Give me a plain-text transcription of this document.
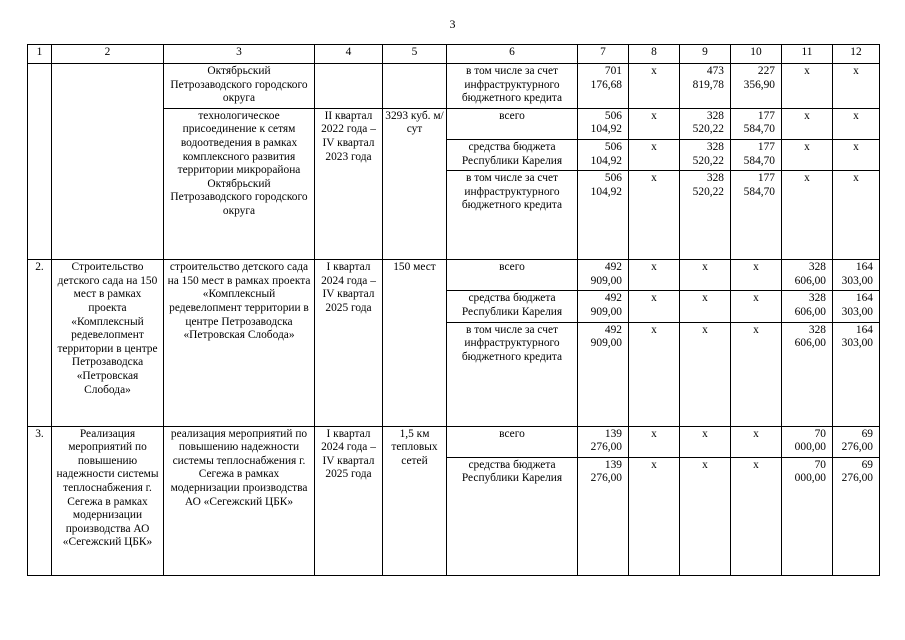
3
1	2	3	4	5	6	7	8	9	10	11	12
		Октябрьский Петрозаводского городского округа			в том числе за счет инфраструктурного бюджетного кредита	701 176,68	х	473 819,78	227 356,90	х	х
		технологическое присоединение к сетям водоотведения в рамках комплексного развития территории микрорайона Октябрьский Петрозаводского городского округа	II квартал 2022 года – IV квартал 2023 года	3293 куб. м/сут	всего	506 104,92	х	328 520,22	177 584,70	х	х
					средства бюджета Республики Карелия	506 104,92	х	328 520,22	177 584,70	х	х
					в том числе за счет инфраструктурного бюджетного кредита	506 104,92	х	328 520,22	177 584,70	х	х
2.	Строительство детского сада на 150 мест в рамках проекта «Комплексный редевелопмент территории в центре Петрозаводска «Петровская Слобода»	строительство детского сада на 150 мест в рамках проекта «Комплексный редевелопмент территории в центре Петрозаводска «Петровская Слобода»	I квартал 2024 года – IV квартал 2025 года	150 мест	всего	492 909,00	х	х	х	328 606,00	164 303,00
					средства бюджета Республики Карелия	492 909,00	х	х	х	328 606,00	164 303,00
					в том числе за счет инфраструктурного бюджетного кредита	492 909,00	х	х	х	328 606,00	164 303,00
3.	Реализация мероприятий по повышению надежности системы теплоснабжения г. Сегежа в рамках модернизации производства АО «Сегежский ЦБК»	реализация мероприятий по повышению надежности системы теплоснабжения г. Сегежа в рамках модернизации производства АО «Сегежский ЦБК»	I квартал 2024 года – IV квартал 2025 года	1,5 км тепловых сетей	всего	139 276,00	х	х	х	70 000,00	69 276,00
					средства бюджета Республики Карелия	139 276,00	х	х	х	70 000,00	69 276,00
